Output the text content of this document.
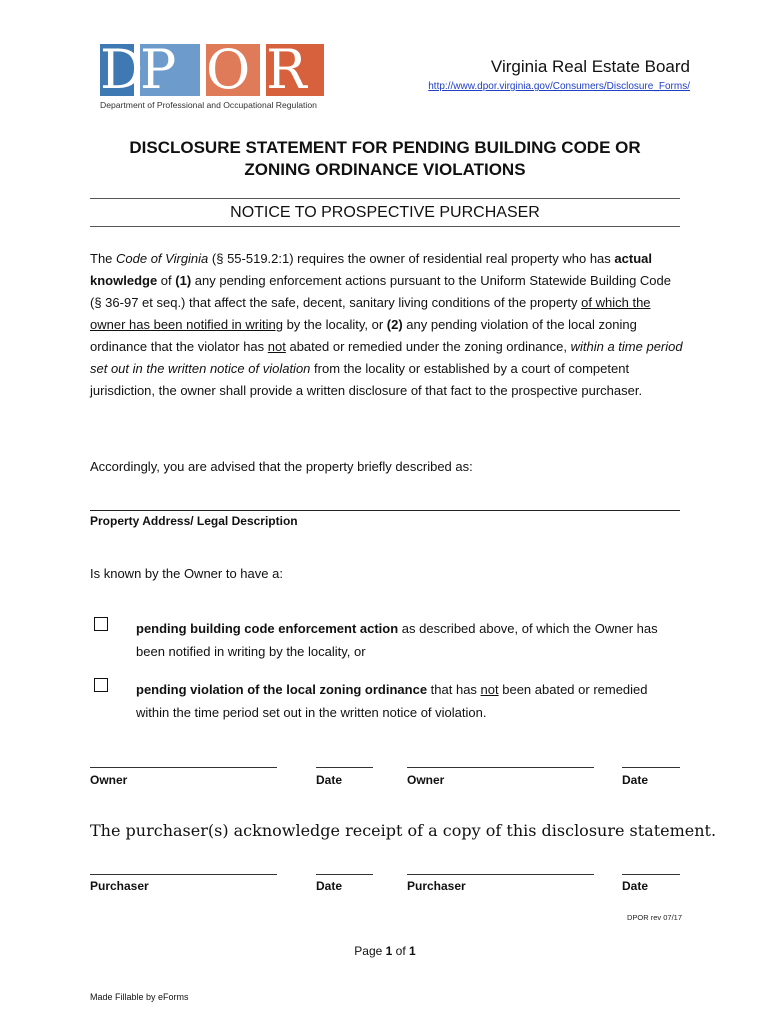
D
P O R
Department of Professional and Occupational Regulation
Virginia Real Estate Board
http://www.dpor.virginia.gov/Consumers/Disclosure_Forms/
DISCLOSURE STATEMENT FOR PENDING BUILDING CODE OR
ZONING ORDINANCE VIOLATIONS
NOTICE TO PROSPECTIVE PURCHASER

The Code of Virginia (§ 55-519.2:1) requires the owner of residential real property who has actual knowledge of (1) any pending enforcement actions pursuant to the Uniform Statewide Building Code (§ 36-97 et seq.) that affect the safe, decent, sanitary living conditions of the property of which the owner has been notified in writing by the locality, or (2) any pending violation of the local zoning ordinance that the violator has not abated or remedied under the zoning ordinance, within a time period set out in the written notice of violation from the locality or established by a court of competent jurisdiction, the owner shall provide a written disclosure of that fact to the prospective purchaser.

Accordingly, you are advised that the property briefly described as:
Property Address/ Legal Description
Is known by the Owner to have a:
pending building code enforcement action as described above, of which the Owner has been notified in writing by the locality, or
pending violation of the local zoning ordinance that has not been abated or remedied within the time period set out in the written notice of violation.
Owner	Date	Owner	Date
The purchaser(s) acknowledge receipt of a copy of this disclosure statement.
Purchaser	Date	Purchaser	Date
DPOR rev 07/17
Page 1 of 1
Made Fillable by eForms
